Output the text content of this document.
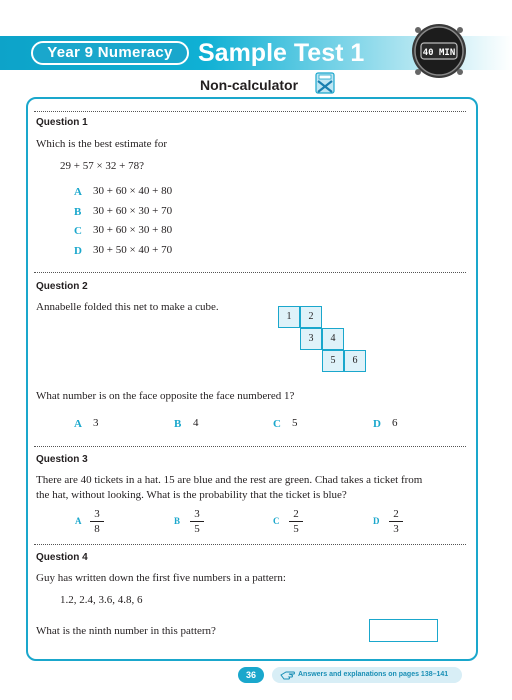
Year 9 Numeracy	Sample Test 1	40 MIN
Non-calculator
Question 1
Which is the best estimate for
29 + 57 × 32 + 78?
A 30 + 60 × 40 + 80
B 30 + 60 × 30 + 70
C 30 + 60 × 30 + 80
D 30 + 50 × 40 + 70
Question 2
Annabelle folded this net to make a cube.
1	2
3	4
5	6
What number is on the face opposite the face numbered 1?
A 3	B 4	C 5	D 6
Question 3
There are 40 tickets in a hat. 15 are blue and the rest are green. Chad takes a ticket from
the hat, without looking. What is the probability that the ticket is blue?
A
3
8
B
3
5
C
2
5
D
2
3
Question 4
Guy has written down the first five numbers in a pattern:
1.2, 2.4, 3.6, 4.8, 6
What is the ninth number in this pattern?
36	Answers and explanations on pages 138–141
